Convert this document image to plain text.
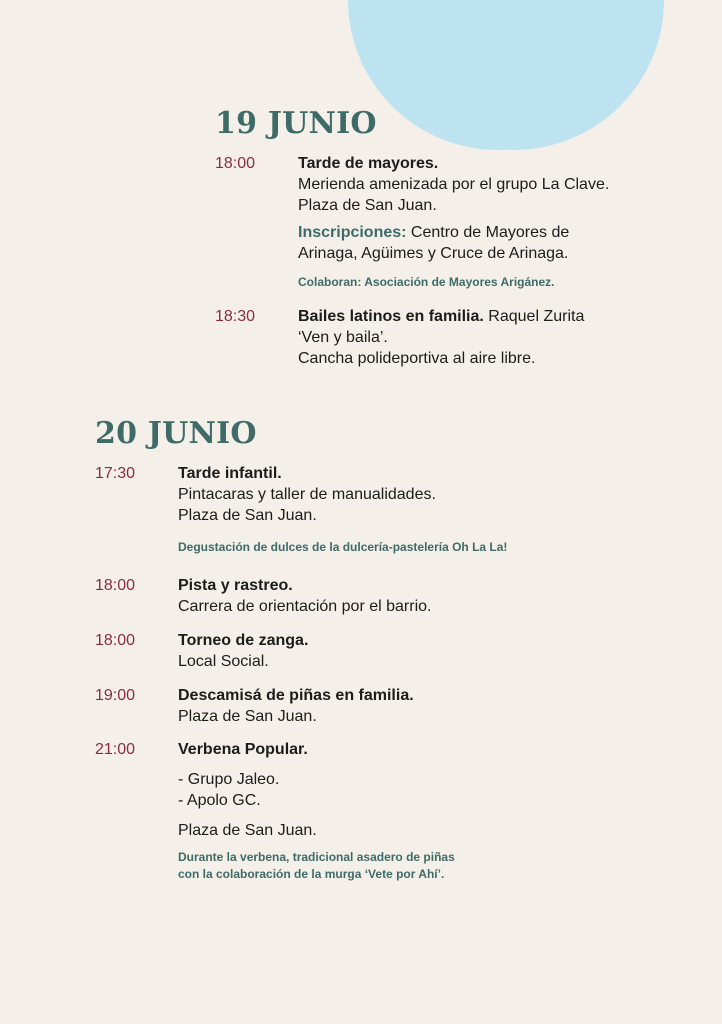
19 JUNIO
18:00	Tarde de mayores.

Merienda amenizada por el grupo La Clave.

Plaza de San Juan.

Inscripciones: Centro de Mayores de

Arinaga, Agüimes y Cruce de Arinaga.

Colaboran: Asociación de Mayores Arigánez.

18:30	Bailes latinos en familia. Raquel Zurita

‘Ven y baila’.

Cancha polideportiva al aire libre.

20 JUNIO
17:30	Tarde infantil.

Pintacaras y taller de manualidades.

Plaza de San Juan.

Degustación de dulces de la dulcería-pastelería Oh La La!

18:00	Pista y rastreo.

Carrera de orientación por el barrio.

18:00	Torneo de zanga.

Local Social.

19:00	Descamisá de piñas en familia.

Plaza de San Juan.

21:00	Verbena Popular.

- Grupo Jaleo.

- Apolo GC.

Plaza de San Juan.

Durante la verbena, tradicional asadero de piñas

con la colaboración de la murga ‘Vete por Ahí’.
